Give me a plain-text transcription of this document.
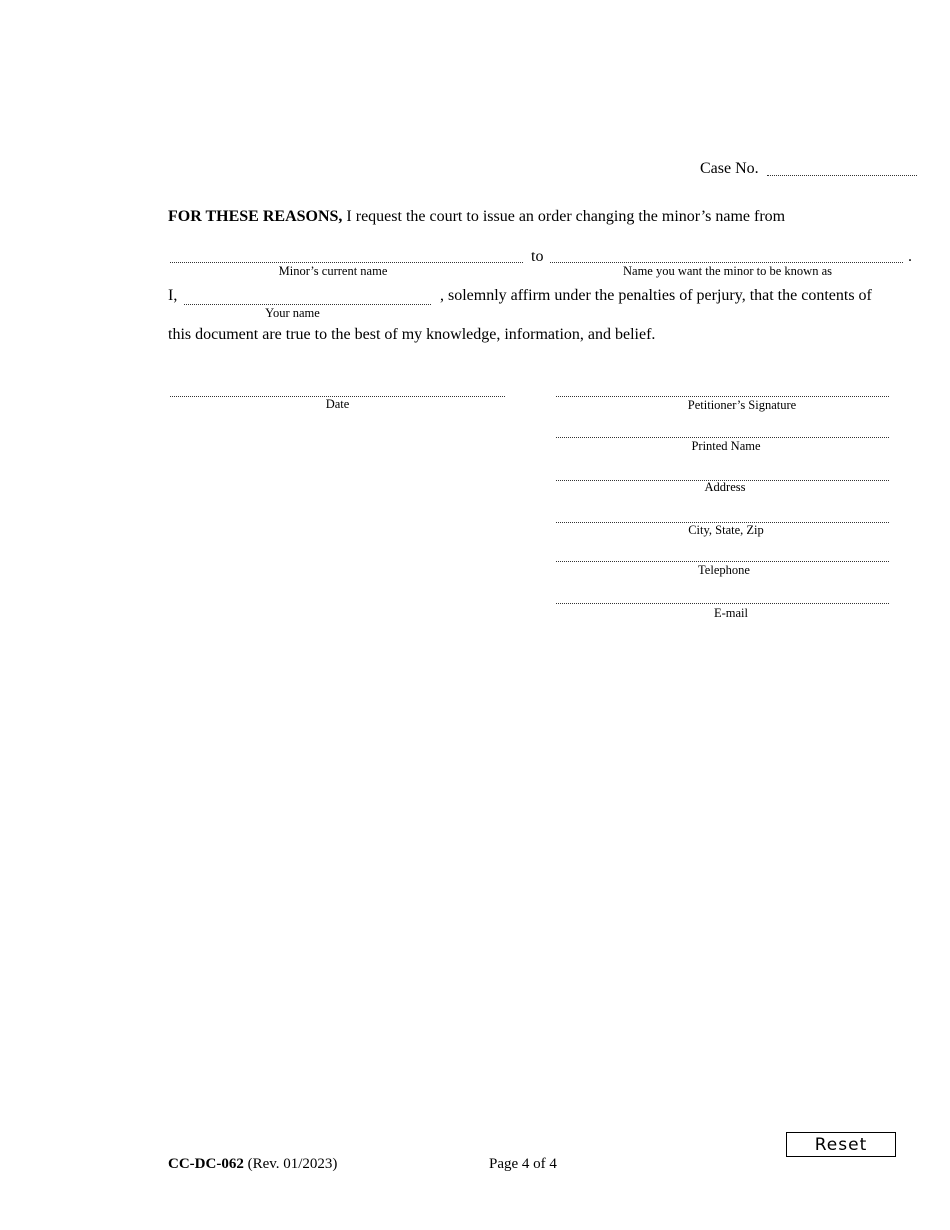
Case No.
FOR THESE REASONS, I request the court to issue an order changing the minor’s name from
to	.
Minor’s current name	Name you want the minor to be known as
I,	, solemnly affirm under the penalties of perjury, that the contents of
Your name
this document are true to the best of my knowledge, information, and belief.
Date	Petitioner’s Signature
Printed Name
Address
City, State, Zip
Telephone
E-mail
CC-DC-062 (Rev. 01/2023)	Page 4 of 4
Reset
